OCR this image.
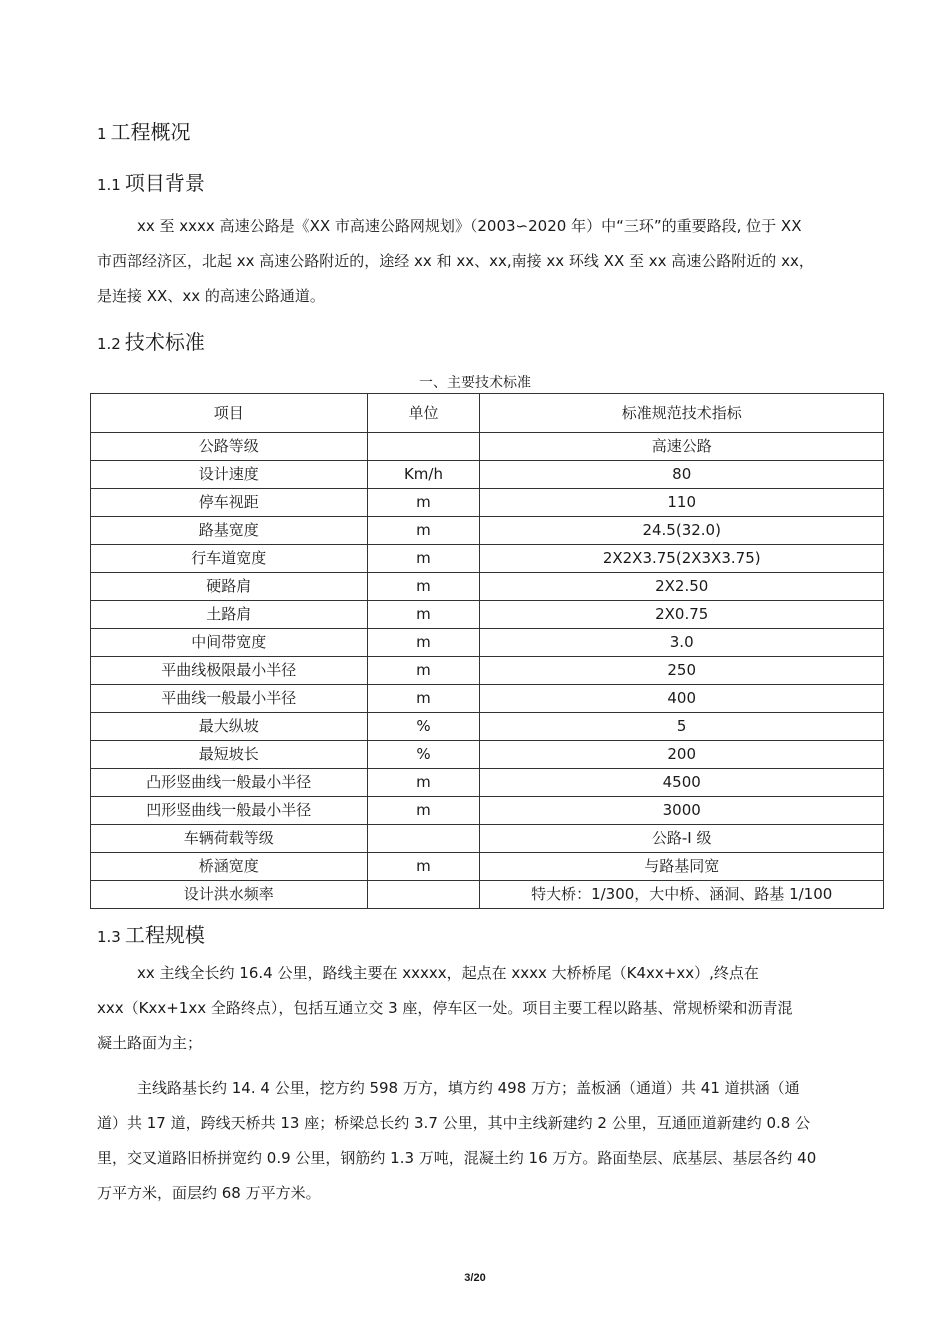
1 工程概况
1.1 项目背景

xx 至 xxxx 高速公路是《XX 市高速公路网规划》（2003∽2020 年）中“三环”的重要路段, 位于 XX
市西部经济区，北起 xx 高速公路附近的，途经 xx 和 xx、xx,南接 xx 环线 XX 至 xx 高速公路附近的 xx，
是连接 XX、xx 的高速公路通道。

1.2 技术标准
一、主要技术标准
项目	单位	标准规范技术指标
公路等级		高速公路
设计速度	Km/h	80
停车视距	m	110
路基宽度	m	24.5(32.0)
行车道宽度	m	2X2X3.75(2X3X3.75)
硬路肩	m	2X2.50
土路肩	m	2X0.75
中间带宽度	m	3.0
平曲线极限最小半径	m	250
平曲线一般最小半径	m	400
最大纵坡	%	5
最短坡长	%	200
凸形竖曲线一般最小半径	m	4500
凹形竖曲线一般最小半径	m	3000
车辆荷载等级		公路-I 级
桥涵宽度	m	与路基同宽
设计洪水频率		特大桥：1/300，大中桥、涵洞、路基 1/100
1.3 工程规模

xx 主线全长约 16.4 公里，路线主要在 xxxxx，起点在 xxxx 大桥桥尾（K4xx+xx）,终点在
xxx（Kxx+1xx 全路终点），包括互通立交 3 座，停车区一处。项目主要工程以路基、常规桥梁和沥青混
凝土路面为主；

主线路基长约 14. 4 公里，挖方约 598 万方，填方约 498 万方；盖板涵（通道）共 41 道拱涵（通
道）共 17 道，跨线天桥共 13 座；桥梁总长约 3.7 公里，其中主线新建约 2 公里，互通匝道新建约 0.8 公
里，交叉道路旧桥拼宽约 0.9 公里，钢筋约 1.3 万吨，混凝土约 16 万方。路面垫层、底基层、基层各约 40
万平方米，面层约 68 万平方米。

3/20
